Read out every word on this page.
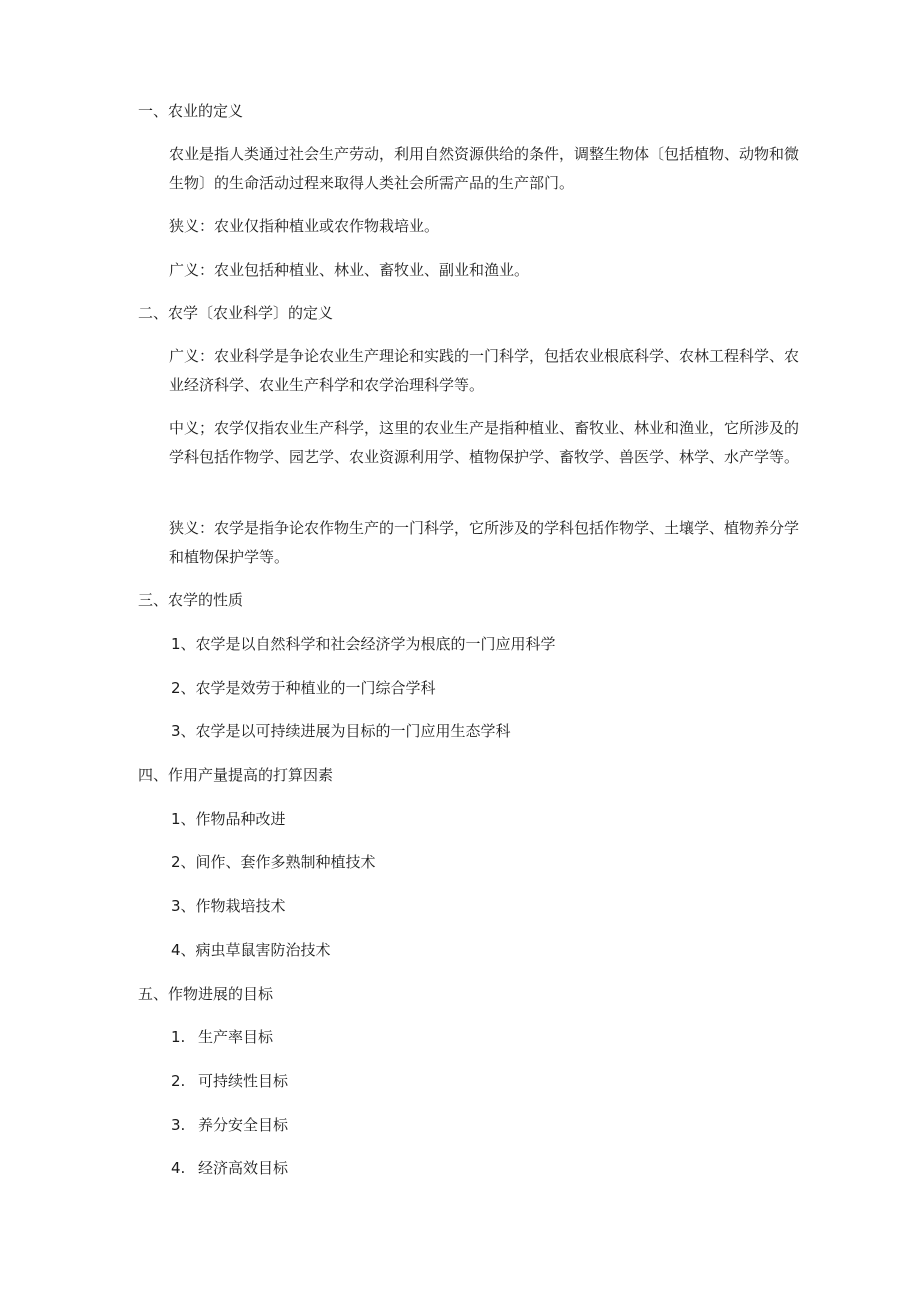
一、农业的定义

农业是指人类通过社会生产劳动，利用自然资源供给的条件，调整生物体〔包括植物、动物和微生物〕的生命活动过程来取得人类社会所需产品的生产部门。

狭义：农业仅指种植业或农作物栽培业。

广义：农业包括种植业、林业、畜牧业、副业和渔业。

二、农学〔农业科学〕的定义

广义：农业科学是争论农业生产理论和实践的一门科学，包括农业根底科学、农林工程科学、农业经济科学、农业生产科学和农学治理科学等。

中义；农学仅指农业生产科学，这里的农业生产是指种植业、畜牧业、林业和渔业，它所涉及的学科包括作物学、园艺学、农业资源利用学、植物保护学、畜牧学、兽医学、林学、水产学等。

狭义：农学是指争论农作物生产的一门科学，它所涉及的学科包括作物学、土壤学、植物养分学和植物保护学等。

三、农学的性质

1、农学是以自然科学和社会经济学为根底的一门应用科学

2、农学是效劳于种植业的一门综合学科

3、农学是以可持续进展为目标的一门应用生态学科

四、作用产量提高的打算因素

1、作物品种改进

2、间作、套作多熟制种植技术

3、作物栽培技术

4、病虫草鼠害防治技术

五、作物进展的目标

1. 生产率目标

2. 可持续性目标

3. 养分安全目标

4. 经济高效目标
